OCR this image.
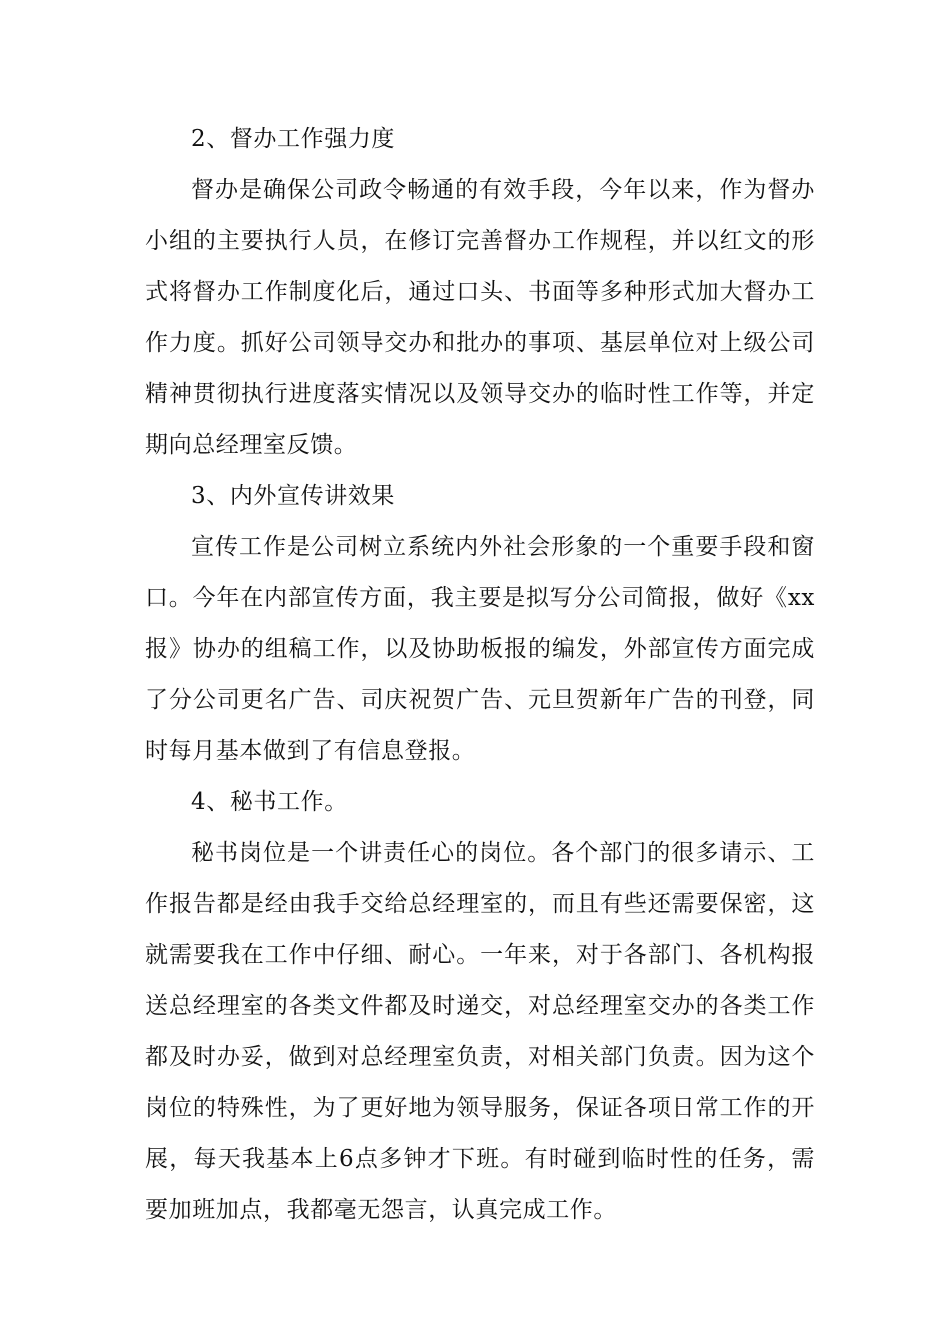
2、督办工作强力度

督办是确保公司政令畅通的有效手段，今年以来，作为督办小组的主要执行人员，在修订完善督办工作规程，并以红文的形式将督办工作制度化后，通过口头、书面等多种形式加大督办工作力度。抓好公司领导交办和批办的事项、基层单位对上级公司精神贯彻执行进度落实情况以及领导交办的临时性工作等，并定期向总经理室反馈。

3、内外宣传讲效果

宣传工作是公司树立系统内外社会形象的一个重要手段和窗口。今年在内部宣传方面，我主要是拟写分公司简报，做好《xx报》协办的组稿工作，以及协助板报的编发，外部宣传方面完成了分公司更名广告、司庆祝贺广告、元旦贺新年广告的刊登，同时每月基本做到了有信息登报。

4、秘书工作。

秘书岗位是一个讲责任心的岗位。各个部门的很多请示、工作报告都是经由我手交给总经理室的，而且有些还需要保密，这就需要我在工作中仔细、耐心。一年来，对于各部门、各机构报送总经理室的各类文件都及时递交，对总经理室交办的各类工作都及时办妥，做到对总经理室负责，对相关部门负责。因为这个岗位的特殊性，为了更好地为领导服务，保证各项日常工作的开展，每天我基本上6点多钟才下班。有时碰到临时性的任务，需要加班加点，我都毫无怨言，认真完成工作。
